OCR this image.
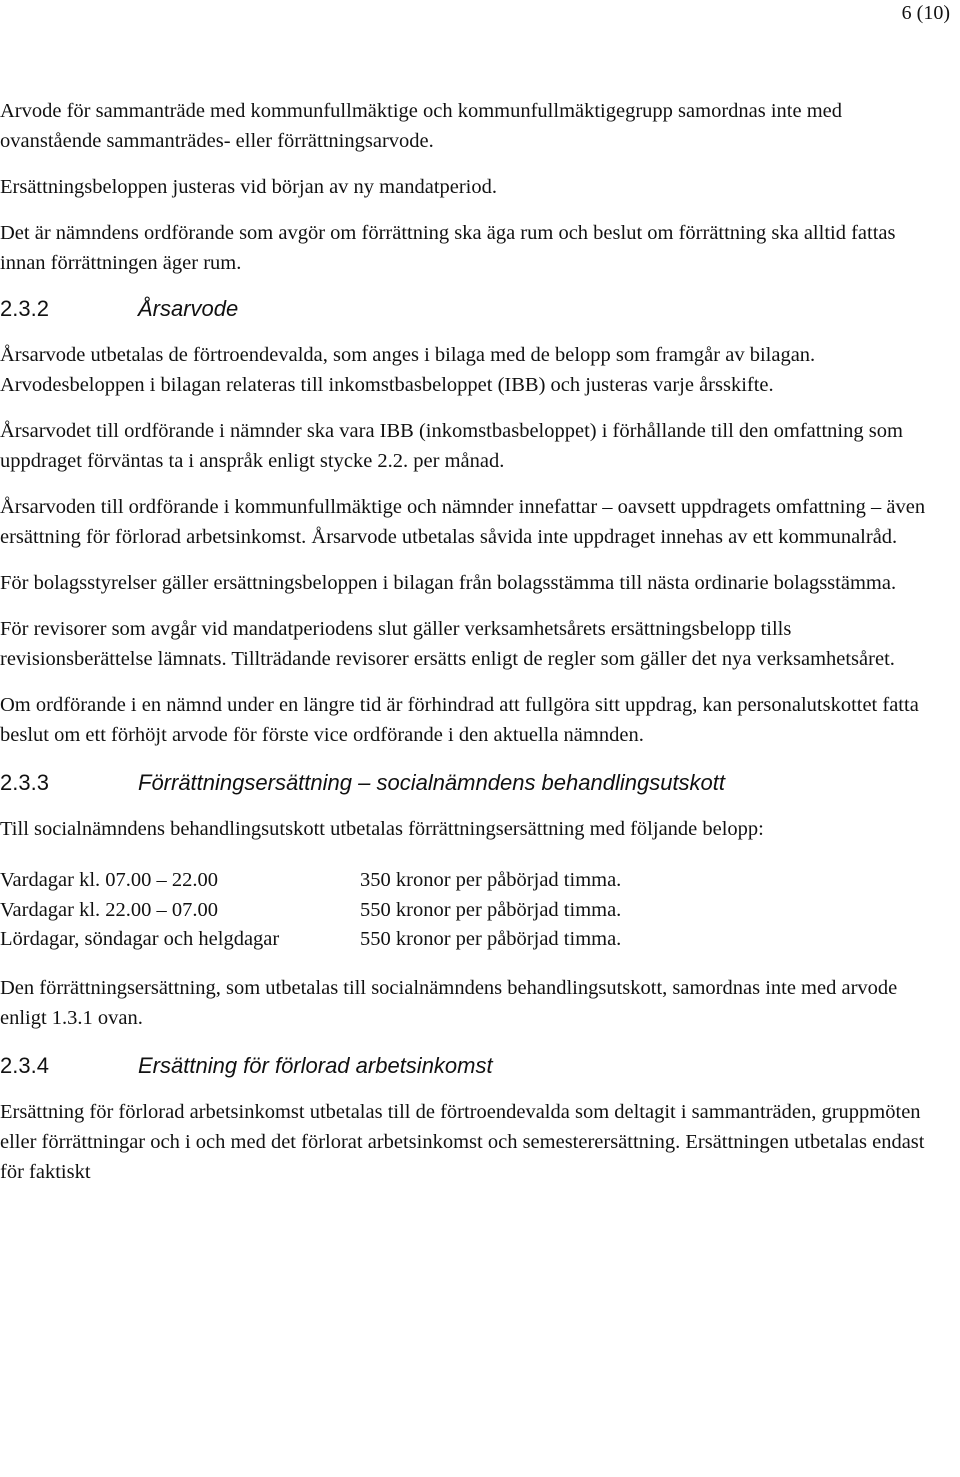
6 (10)

Arvode för sammanträde med kommunfullmäktige och kommunfullmäktigegrupp samordnas inte med ovanstående sammanträdes- eller förrättningsarvode.

Ersättningsbeloppen justeras vid början av ny mandatperiod.

Det är nämndens ordförande som avgör om förrättning ska äga rum och beslut om förrättning ska alltid fattas innan förrättningen äger rum.

2.3.2	Årsarvode

Årsarvode utbetalas de förtroendevalda, som anges i bilaga med de belopp som framgår av bilagan. Arvodesbeloppen i bilagan relateras till inkomstbasbeloppet (IBB) och justeras varje årsskifte.

Årsarvodet till ordförande i nämnder ska vara IBB (inkomstbasbeloppet) i förhållande till den omfattning som uppdraget förväntas ta i anspråk enligt stycke 2.2. per månad.

Årsarvoden till ordförande i kommunfullmäktige och nämnder innefattar – oavsett uppdragets omfattning – även ersättning för förlorad arbetsinkomst. Årsarvode utbetalas såvida inte uppdraget innehas av ett kommunalråd.

För bolagsstyrelser gäller ersättningsbeloppen i bilagan från bolagsstämma till nästa ordinarie bolagsstämma.

För revisorer som avgår vid mandatperiodens slut gäller verksamhetsårets ersättningsbelopp tills revisionsberättelse lämnats. Tillträdande revisorer ersätts enligt de regler som gäller det nya verksamhetsåret.

Om ordförande i en nämnd under en längre tid är förhindrad att fullgöra sitt uppdrag, kan personalutskottet fatta beslut om ett förhöjt arvode för förste vice ordförande i den aktuella nämnden.

2.3.3	Förrättningsersättning – socialnämndens behandlingsutskott

Till socialnämndens behandlingsutskott utbetalas förrättningsersättning med följande belopp:

Vardagar kl. 07.00 – 22.00	350 kronor per påbörjad timma.
Vardagar kl. 22.00 – 07.00	550 kronor per påbörjad timma.
Lördagar, söndagar och helgdagar	550 kronor per påbörjad timma.

Den förrättningsersättning, som utbetalas till socialnämndens behandlingsutskott, samordnas inte med arvode enligt 1.3.1 ovan.

2.3.4	Ersättning för förlorad arbetsinkomst

Ersättning för förlorad arbetsinkomst utbetalas till de förtroendevalda som deltagit i sammanträden, gruppmöten eller förrättningar och i och med det förlorat arbetsinkomst och semesterersättning. Ersättningen utbetalas endast för faktiskt
